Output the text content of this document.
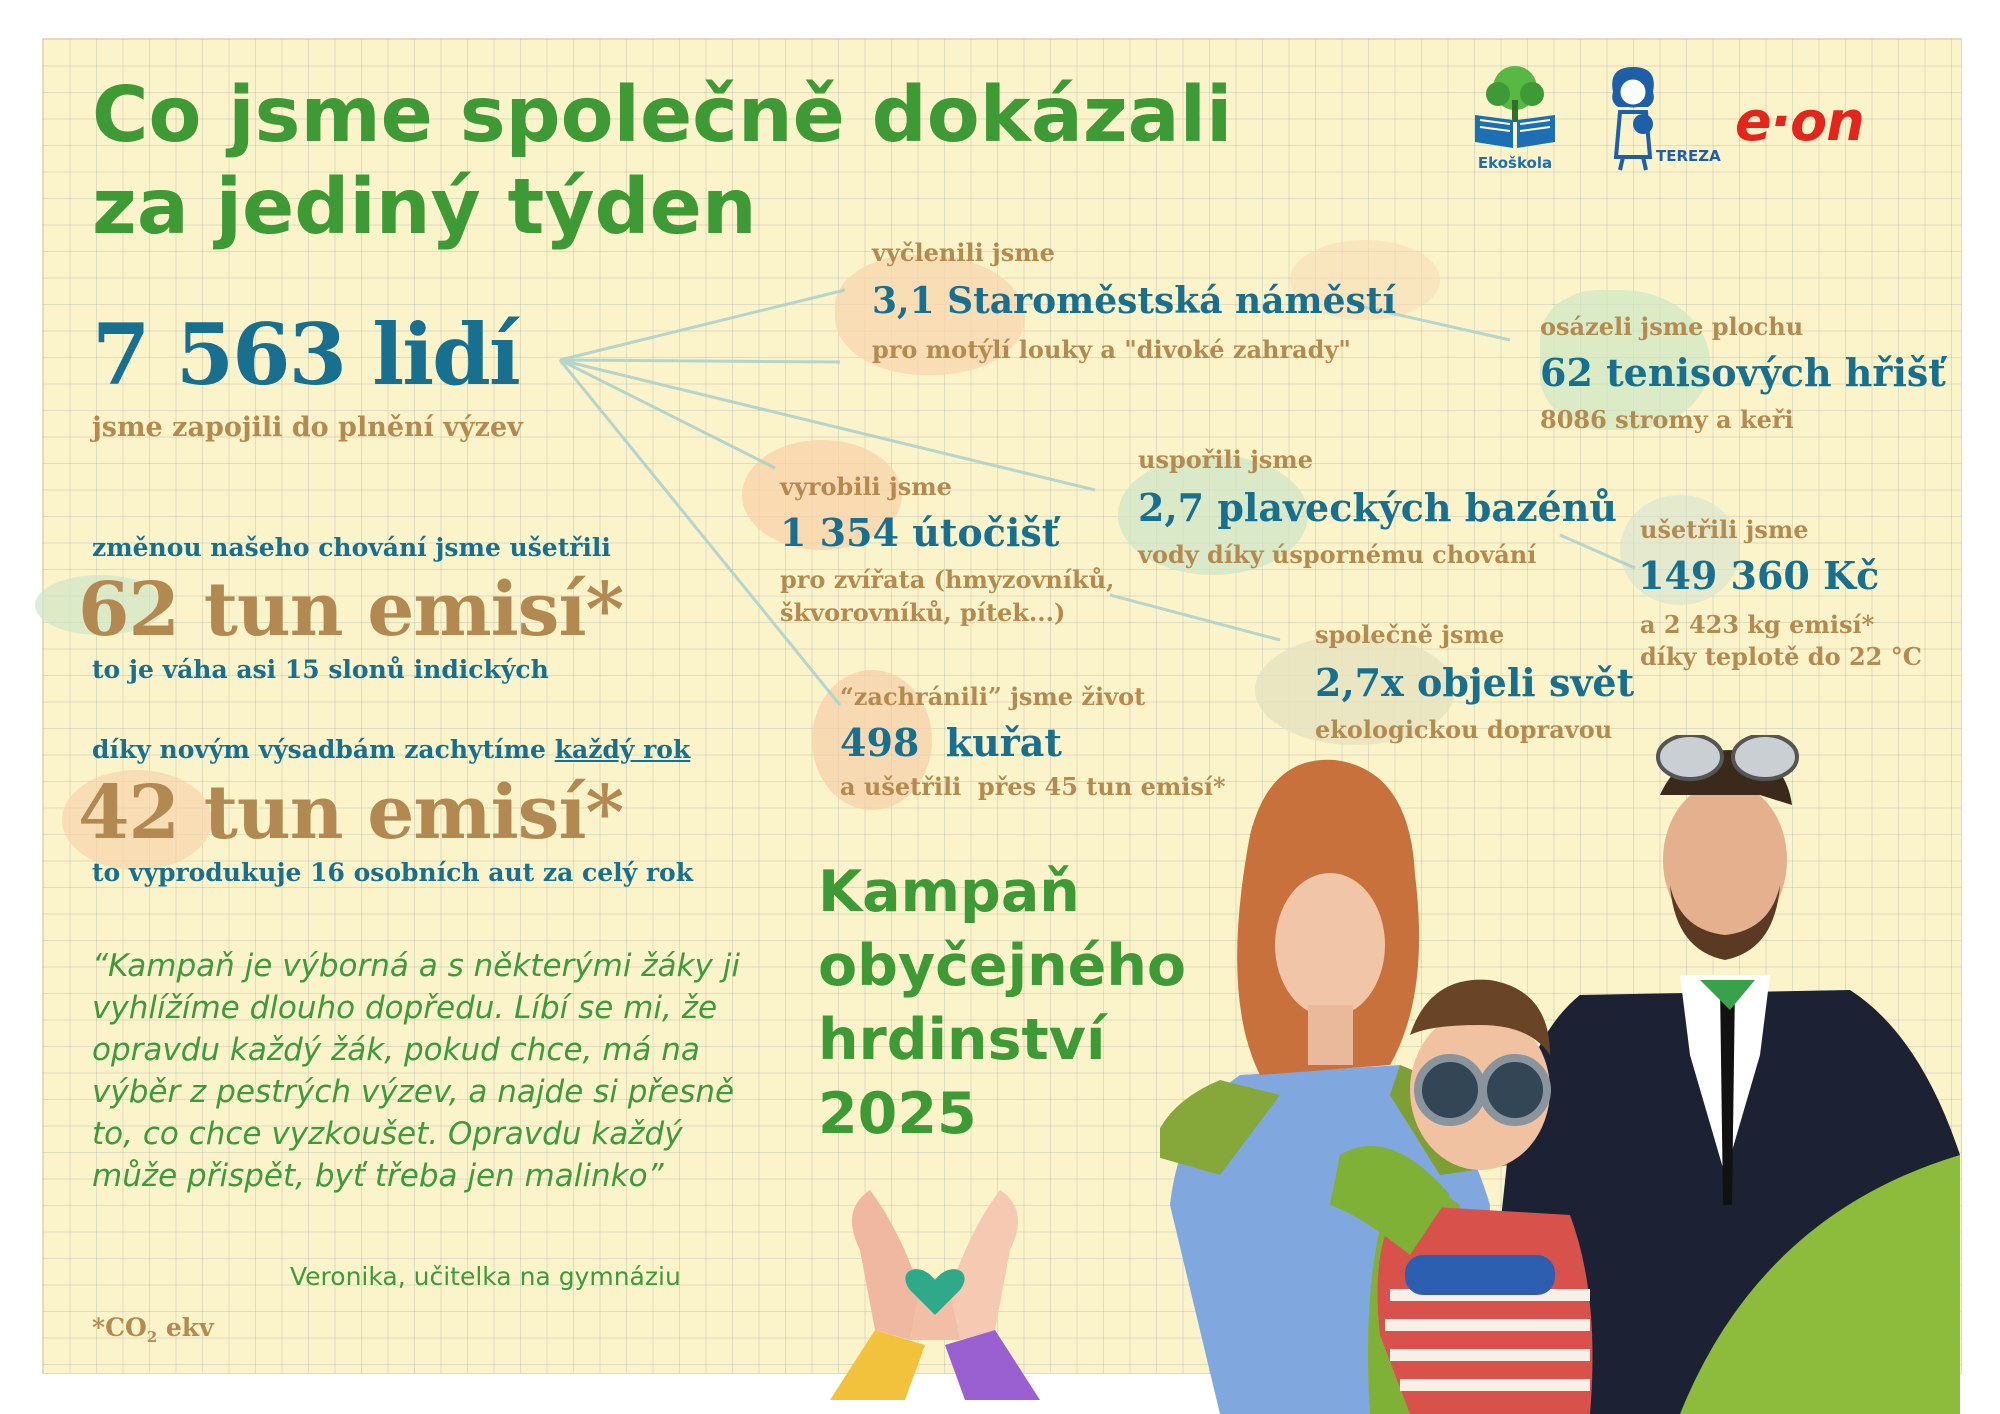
Co jsme společně dokázali
za jediný týden	Ekoškola	TEREZA
e·on
7 563 lidí
jsme zapojili do plnění výzev
změnou našeho chování jsme ušetřili
62 tun emisí*
to je váha asi 15 slonů indických
díky novým výsadbám zachytíme každý rok
42 tun emisí*
to vyprodukuje 16 osobních aut za celý rok
vyčlenili jsme
3,1 Staroměstská náměstí
pro motýlí louky a "divoké zahrady"
osázeli jsme plochu
62 tenisových hřišť
8086 stromy a keři
uspořili jsme
2,7 plaveckých bazénů
vody díky úspornému chování
vyrobili jsme
1 354 útočišť
pro zvířata (hmyzovníků,
škvorovníků, pítek...)
ušetřili jsme
149 360 Kč
a 2 423 kg emisí*
díky teplotě do 22 °C
společně jsme
2,7x objeli svět
ekologickou dopravou
“zachránili” jsme život
498  kuřat
a ušetřili  přes 45 tun emisí*

“Kampaň je výborná a s některými žáky ji vyhlížíme dlouho dopředu. Líbí se mi, že opravdu každý žák, pokud chce, má na výběr z pestrých výzev, a najde si přesně to, co chce vyzkoušet. Opravdu každý může přispět, byť třeba jen malinko”

Veronika, učitelka na gymnáziu
$*CO_2$ ekv
Kampaň
obyčejného
hrdinství
2025
